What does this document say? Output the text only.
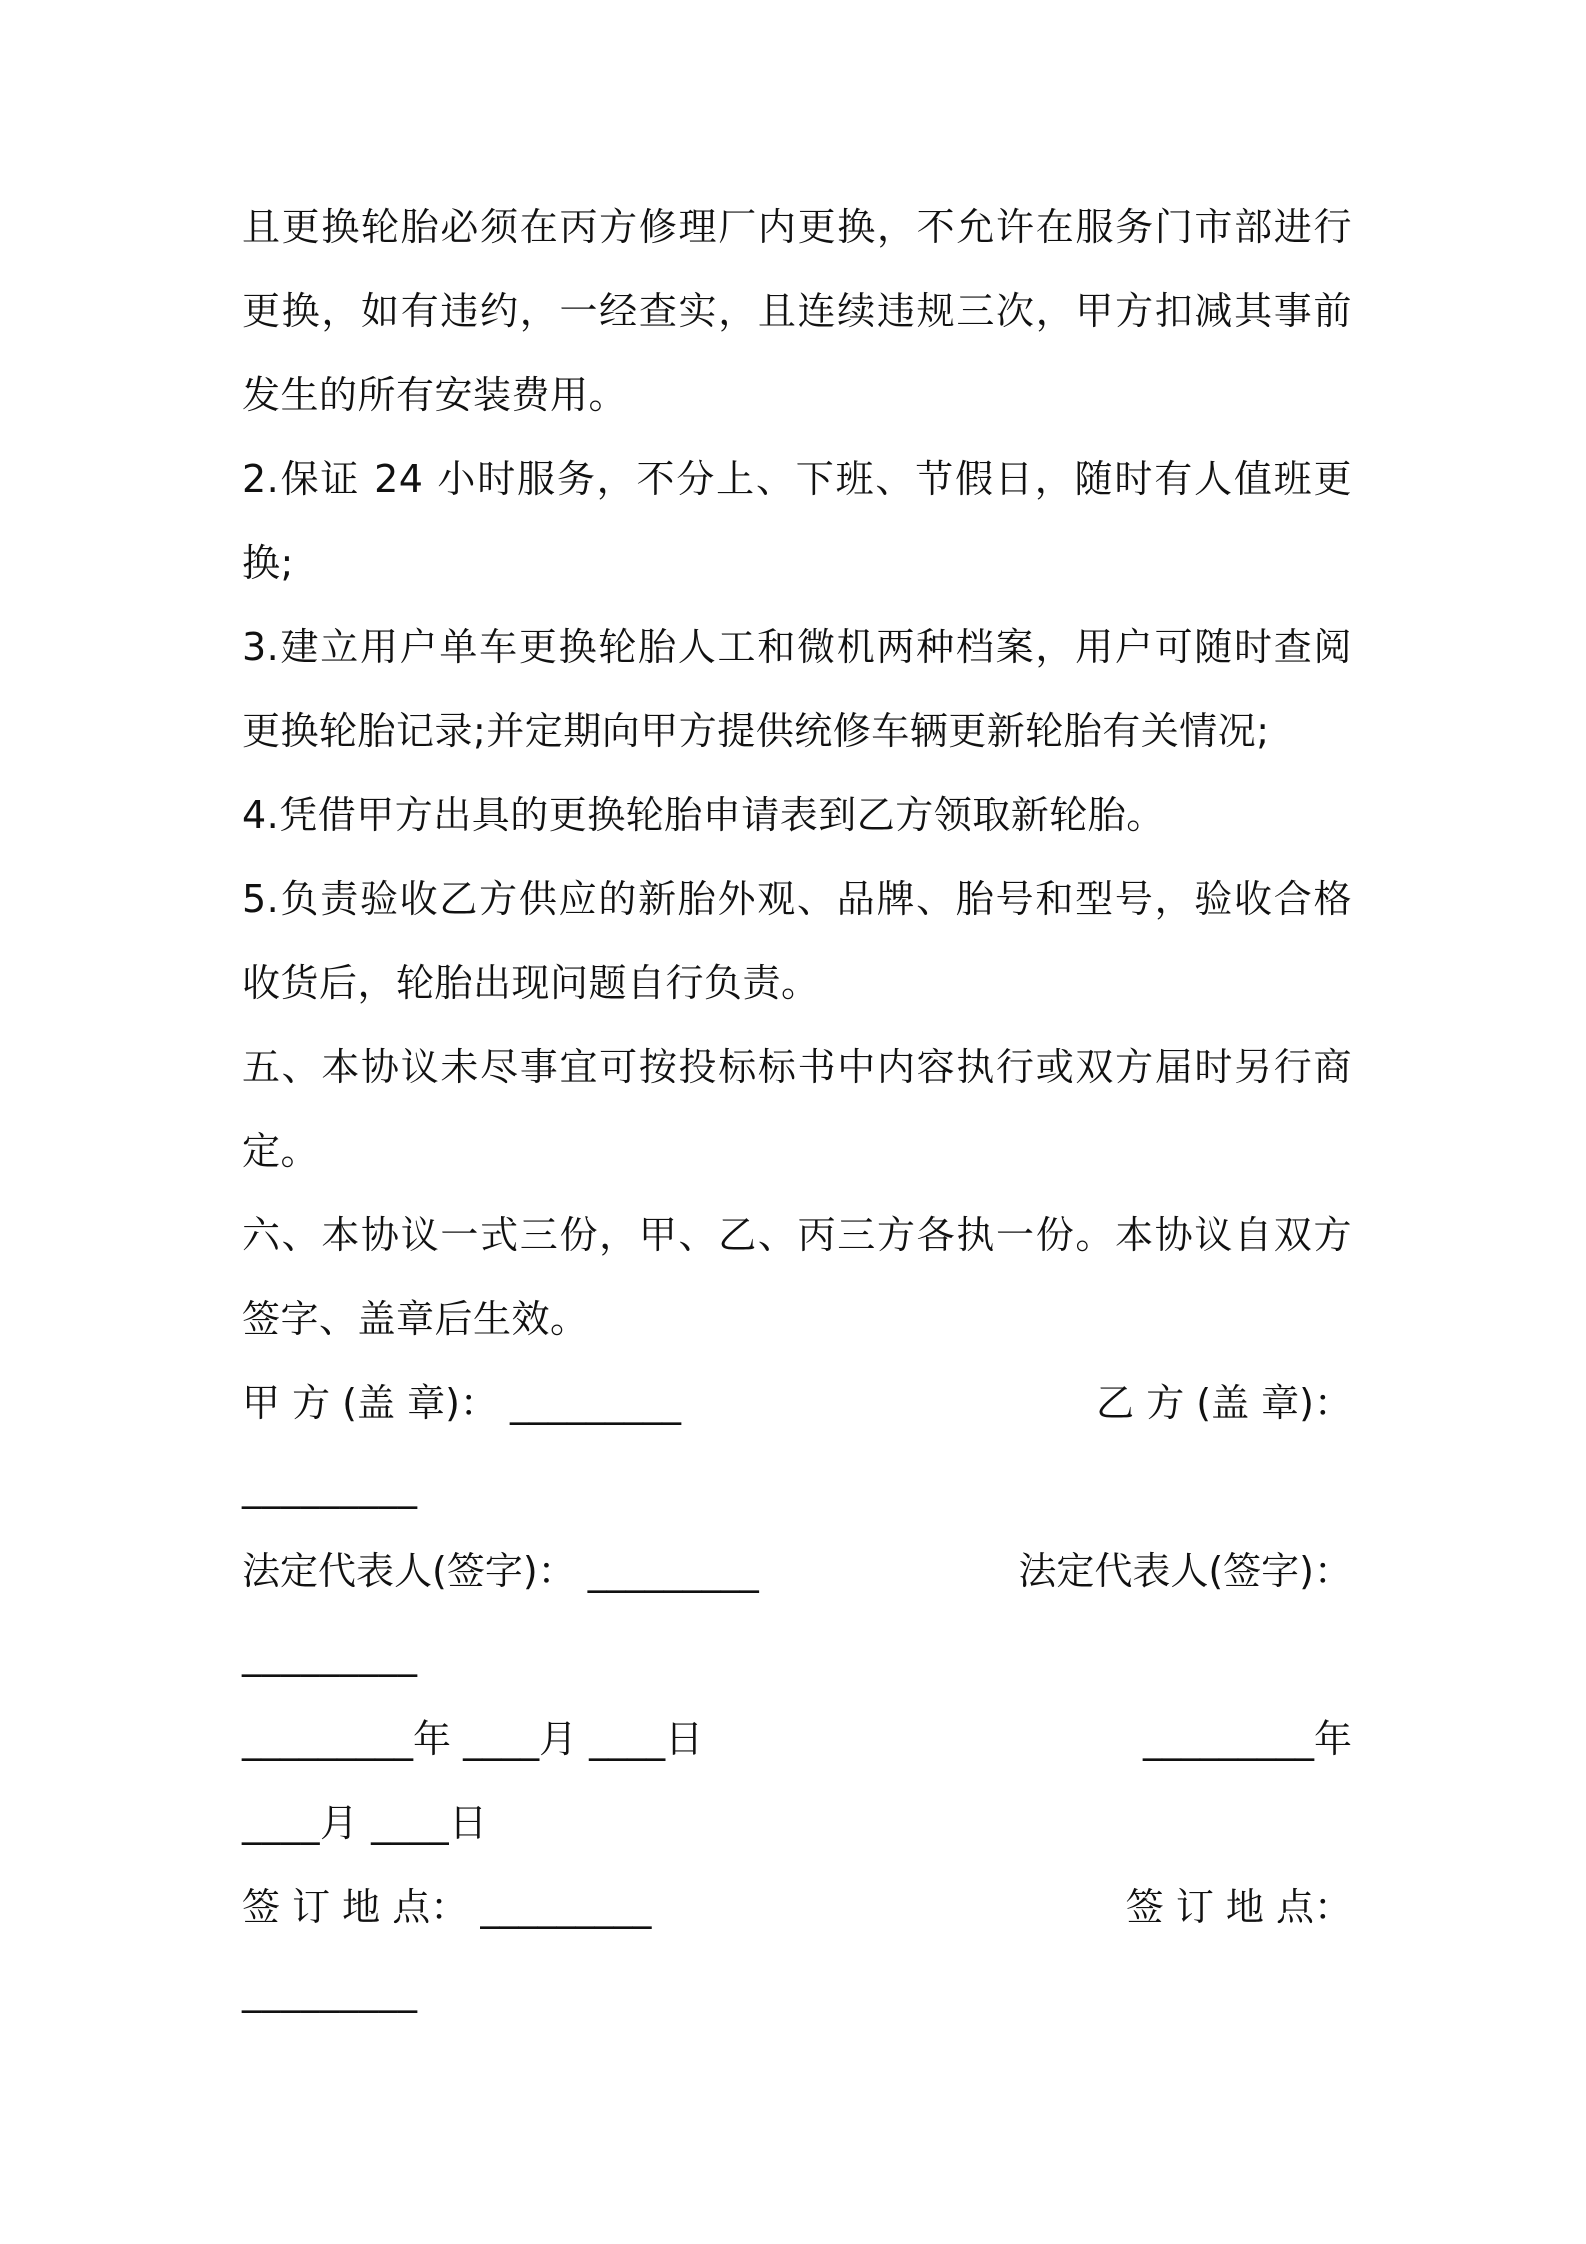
且更换轮胎必须在丙方修理厂内更换，不允许在服务门市部进行
更换，如有违约，一经查实，且连续违规三次，甲方扣减其事前
发生的所有安装费用。
2.保证 24 小时服务，不分上、下班、节假日，随时有人值班更
换;
3.建立用户单车更换轮胎人工和微机两种档案，用户可随时查阅
更换轮胎记录;并定期向甲方提供统修车辆更新轮胎有关情况;
4.凭借甲方出具的更换轮胎申请表到乙方领取新轮胎。
5.负责验收乙方供应的新胎外观、品牌、胎号和型号，验收合格
收货后，轮胎出现问题自行负责。
五、本协议未尽事宜可按投标标书中内容执行或双方届时另行商
定。
六、本协议一式三份，甲、乙、丙三方各执一份。本协议自双方
签字、盖章后生效。
甲 方 (盖 章)： _________	乙 方 (盖 章)：
_________
法定代表人(签字)： _________	法定代表人(签字)：
_________
_________年 ____月 ____日	_________年
____月 ____日
签 订 地 点： _________	签 订 地 点：
_________
